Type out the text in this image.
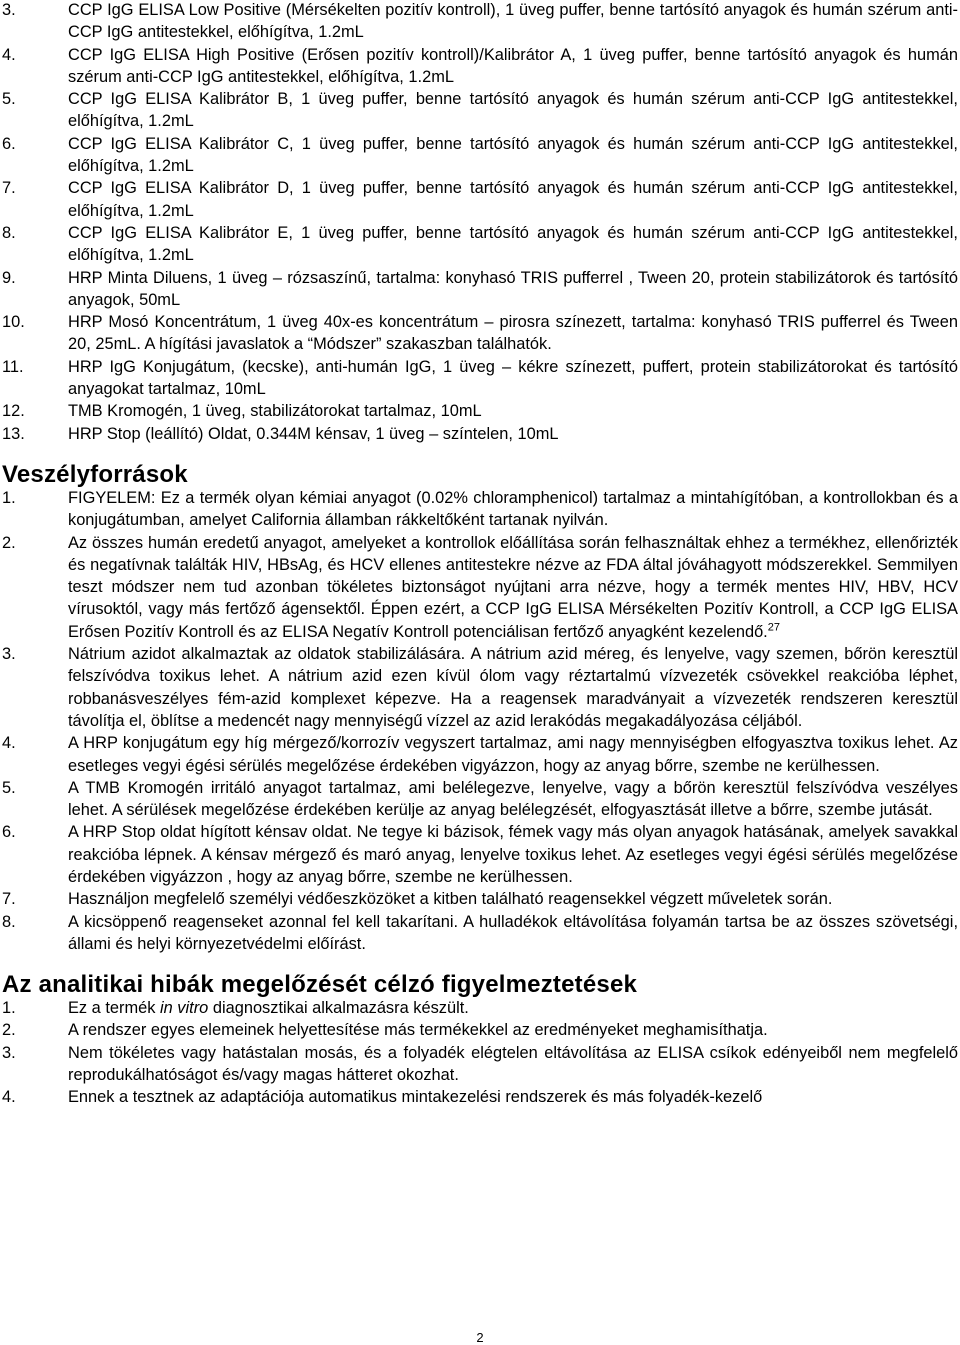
3.	CCP IgG ELISA Low Positive (Mérsékelten pozitív kontroll), 1 üveg puffer, benne tartósító anyagok és humán szérum anti-CCP IgG antitestekkel, előhígítva, 1.2mL
4.	CCP IgG ELISA High Positive (Erősen pozitív kontroll)/Kalibrátor A, 1 üveg puffer, benne tartósító anyagok és humán szérum anti-CCP IgG antitestekkel, előhígítva, 1.2mL
5.	CCP IgG ELISA Kalibrátor B, 1 üveg puffer, benne tartósító anyagok és humán szérum anti-CCP IgG antitestekkel, előhígítva, 1.2mL
6.	CCP IgG ELISA Kalibrátor C, 1 üveg puffer, benne tartósító anyagok és humán szérum anti-CCP IgG antitestekkel, előhígítva, 1.2mL
7.	CCP IgG ELISA Kalibrátor D, 1 üveg puffer, benne tartósító anyagok és humán szérum anti-CCP IgG antitestekkel, előhígítva, 1.2mL
8.	CCP IgG ELISA Kalibrátor E, 1 üveg puffer, benne tartósító anyagok és humán szérum anti-CCP IgG antitestekkel, előhígítva, 1.2mL
9.	HRP Minta Diluens, 1 üveg – rózsaszínű, tartalma: konyhasó TRIS pufferrel , Tween 20, protein stabilizátorok és tartósító anyagok, 50mL
10.	HRP Mosó Koncentrátum, 1 üveg 40x-es koncentrátum – pirosra színezett, tartalma: konyhasó TRIS pufferrel és Tween 20, 25mL. A hígítási javaslatok a “Módszer” szakaszban találhatók.
11.	HRP IgG Konjugátum, (kecske), anti-humán IgG, 1 üveg – kékre színezett, puffert, protein stabilizátorokat és tartósító anyagokat tartalmaz, 10mL
12.	TMB Kromogén, 1 üveg, stabilizátorokat tartalmaz, 10mL
13.	HRP Stop (leállító) Oldat, 0.344M kénsav, 1 üveg – színtelen, 10mL
Veszélyforrások
1.	FIGYELEM: Ez a termék olyan kémiai anyagot (0.02% chloramphenicol) tartalmaz a mintahígítóban, a kontrollokban és a konjugátumban, amelyet California államban rákkeltőként tartanak nyilván.
2.	Az összes humán eredetű anyagot, amelyeket a kontrollok előállítása során felhasználtak ehhez a termékhez, ellenőrizték és negatívnak találták HIV, HBsAg, és HCV ellenes antitestekre nézve az FDA által jóváhagyott módszerekkel. Semmilyen teszt módszer nem tud azonban tökéletes biztonságot nyújtani arra nézve, hogy a termék mentes HIV, HBV, HCV vírusoktól, vagy más fertőző ágensektől. Éppen ezért, a CCP IgG ELISA Mérsékelten Pozitív Kontroll, a CCP IgG ELISA Erősen Pozitív Kontroll és az ELISA Negatív Kontroll potenciálisan fertőző anyagként kezelendő.$^{27}$
3.	Nátrium azidot alkalmaztak az oldatok stabilizálására. A nátrium azid méreg, és lenyelve, vagy szemen, bőrön keresztül felszívódva toxikus lehet. A nátrium azid ezen kívül ólom vagy réztartalmú vízvezeték csövekkel reakcióba léphet, robbanásveszélyes fém-azid komplexet képezve. Ha a reagensek maradványait a vízvezeték rendszeren keresztül távolítja el, öblítse a medencét nagy mennyiségű vízzel az azid lerakódás megakadályozása céljából.
4.	A HRP konjugátum egy híg mérgező/korrozív vegyszert tartalmaz, ami nagy mennyiségben elfogyasztva toxikus lehet. Az esetleges vegyi égési sérülés megelőzése érdekében vigyázzon, hogy az anyag bőrre, szembe ne kerülhessen.
5.	A TMB Kromogén irritáló anyagot tartalmaz, ami belélegezve, lenyelve, vagy a bőrön keresztül felszívódva veszélyes lehet. A sérülések megelőzése érdekében kerülje az anyag belélegzését, elfogyasztását illetve a bőrre, szembe jutását.
6.	A HRP Stop oldat hígított kénsav oldat. Ne tegye ki bázisok, fémek vagy más olyan anyagok hatásának, amelyek savakkal reakcióba lépnek. A kénsav mérgező és maró anyag, lenyelve toxikus lehet. Az esetleges vegyi égési sérülés megelőzése érdekében vigyázzon , hogy az anyag bőrre, szembe ne kerülhessen.
7.	Használjon megfelelő személyi védőeszközöket a kitben található reagensekkel végzett műveletek során.
8.	A kicsöppenő reagenseket azonnal fel kell takarítani. A hulladékok eltávolítása folyamán tartsa be az összes szövetségi, állami és helyi környezetvédelmi előírást.
Az analitikai hibák megelőzését célzó figyelmeztetések
1.	Ez a termék in vitro diagnosztikai alkalmazásra készült.
2.	A rendszer egyes elemeinek helyettesítése más termékekkel az eredményeket meghamisíthatja.
3.	Nem tökéletes vagy hatástalan mosás, és a folyadék elégtelen eltávolítása az ELISA csíkok edényeiből nem megfelelő reprodukálhatóságot és/vagy magas hátteret okozhat.
4.	Ennek a tesztnek az adaptációja automatikus mintakezelési rendszerek és más folyadék-kezelő
2
